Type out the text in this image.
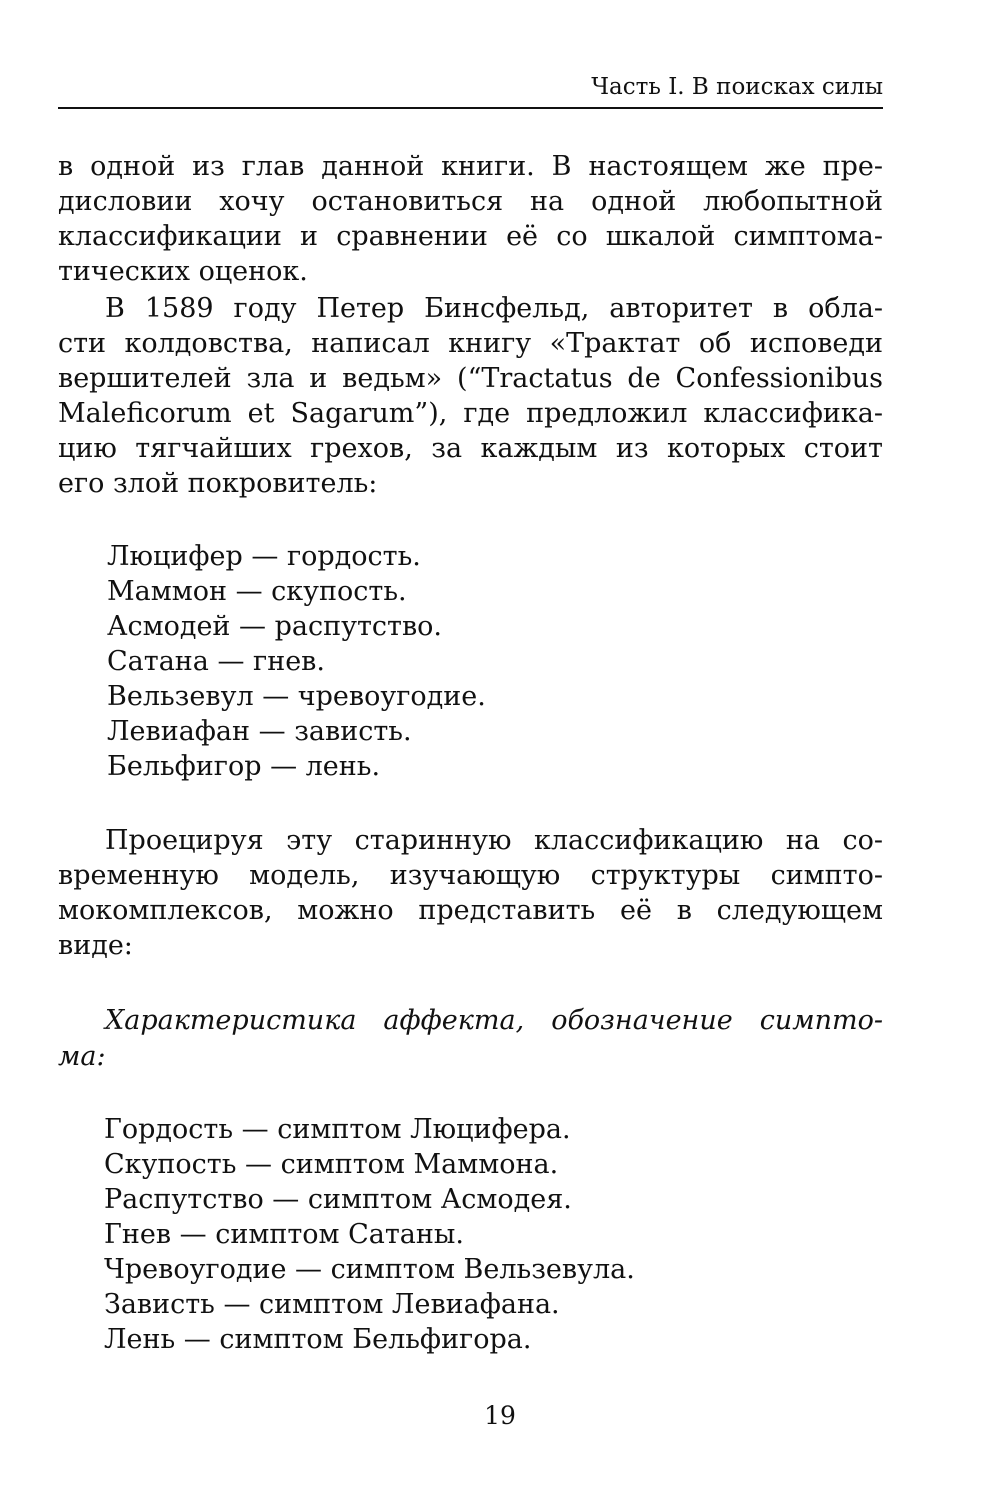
Часть I. В поисках силы
в одной из глав данной книги. В настоящем же пре-
дисловии хочу остановиться на одной любопытной
классификации и сравнении её со шкалой симптома-
тических оценок.
В 1589 году Петер Бинсфельд, авторитет в обла-
сти колдовства, написал книгу «Трактат об исповеди
вершителей зла и ведьм» (“Tractatus de Confessionibus
Maleficorum et Sagarum”), где предложил классифика-
цию тягчайших грехов, за каждым из которых стоит
его злой покровитель:
Люцифер — гордость.
Маммон — скупость.
Асмодей — распутство.
Сатана — гнев.
Вельзевул — чревоугодие.
Левиафан — зависть.
Бельфигор — лень.
Проецируя эту старинную классификацию на со-
временную модель, изучающую структуры симпто-
мокомплексов, можно представить её в следующем
виде:
Характеристика аффекта, обозначение симпто-
ма:
Гордость — симптом Люцифера.
Скупость — симптом Маммона.
Распутство — симптом Асмодея.
Гнев — симптом Сатаны.
Чревоугодие — симптом Вельзевула.
Зависть — симптом Левиафана.
Лень — симптом Бельфигора.
19
